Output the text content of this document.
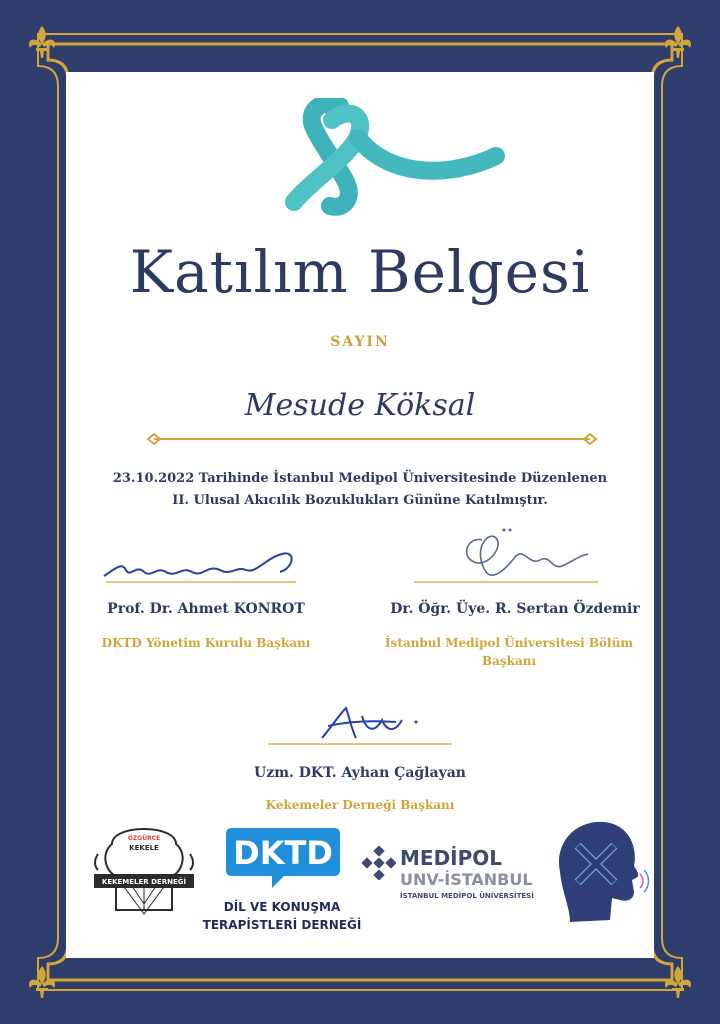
Katılım Belgesi
SAYIN
Mesude Köksal
23.10.2022 Tarihinde İstanbul Medipol Üniversitesinde Düzenlenen
II. Ulusal Akıcılık Bozuklukları Gününe Katılmıştır.
Prof. Dr. Ahmet KONROT
DKTD Yönetim Kurulu Başkanı
Dr. Öğr. Üye. R. Sertan Özdemir
İstanbul Medipol Üniversitesi Bölüm
Başkanı
Uzm. DKT. Ayhan Çağlayan
Kekemeler Derneği Başkanı
ÖZGÜRCE
KEKELE
KEKEMELER DERNEĞİ
DKTD
DİL VE KONUŞMA
TERAPİSTLERİ DERNEĞİ
MEDİPOL
UNV-İSTANBUL
İSTANBUL MEDİPOL ÜNİVERSİTESİ
